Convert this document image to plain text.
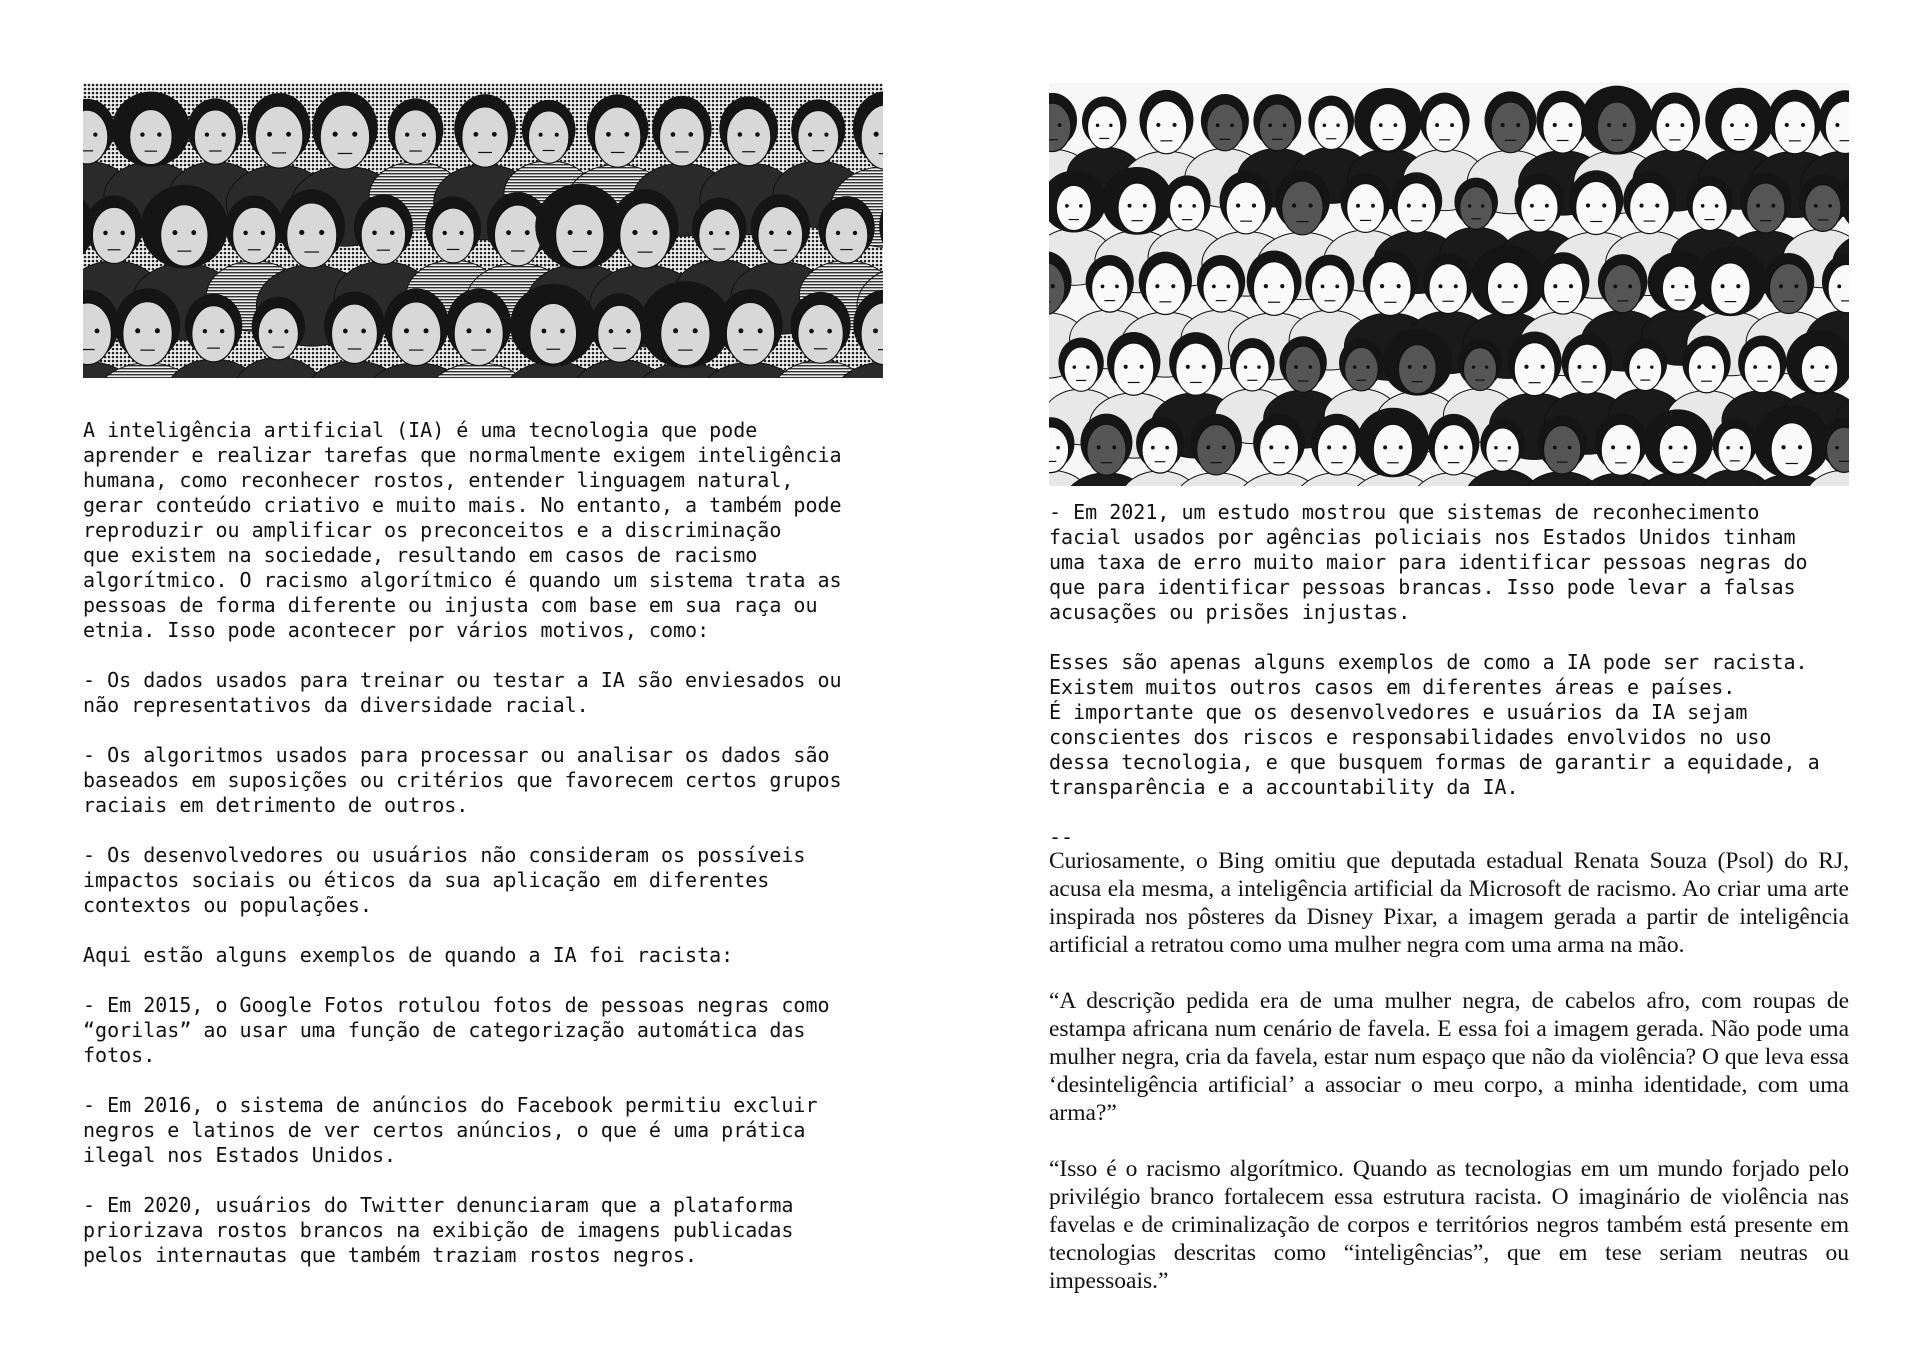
A inteligência artificial (IA) é uma tecnologia que pode
aprender e realizar tarefas que normalmente exigem inteligência
humana, como reconhecer rostos, entender linguagem natural,
gerar conteúdo criativo e muito mais. No entanto, a também pode
reproduzir ou amplificar os preconceitos e a discriminação
que existem na sociedade, resultando em casos de racismo
algorítmico. O racismo algorítmico é quando um sistema trata as
pessoas de forma diferente ou injusta com base em sua raça ou
etnia. Isso pode acontecer por vários motivos, como:

- Os dados usados para treinar ou testar a IA são enviesados ou
não representativos da diversidade racial.

- Os algoritmos usados para processar ou analisar os dados são
baseados em suposições ou critérios que favorecem certos grupos
raciais em detrimento de outros.

- Os desenvolvedores ou usuários não consideram os possíveis
impactos sociais ou éticos da sua aplicação em diferentes
contextos ou populações.

Aqui estão alguns exemplos de quando a IA foi racista:

- Em 2015, o Google Fotos rotulou fotos de pessoas negras como
“gorilas” ao usar uma função de categorização automática das
fotos.

- Em 2016, o sistema de anúncios do Facebook permitiu excluir
negros e latinos de ver certos anúncios, o que é uma prática
ilegal nos Estados Unidos.

- Em 2020, usuários do Twitter denunciaram que a plataforma
priorizava rostos brancos na exibição de imagens publicadas
pelos internautas que também traziam rostos negros.

- Em 2021, um estudo mostrou que sistemas de reconhecimento
facial usados por agências policiais nos Estados Unidos tinham
uma taxa de erro muito maior para identificar pessoas negras do
que para identificar pessoas brancas. Isso pode levar a falsas
acusações ou prisões injustas.

Esses são apenas alguns exemplos de como a IA pode ser racista.
Existem muitos outros casos em diferentes áreas e países.
É importante que os desenvolvedores e usuários da IA sejam
conscientes dos riscos e responsabilidades envolvidos no uso
dessa tecnologia, e que busquem formas de garantir a equidade, a
transparência e a accountability da IA.

--

Curiosamente, o Bing omitiu que deputada estadual Renata Souza (Psol) do RJ, acusa ela mesma, a inteligência artificial da Microsoft de racismo. Ao criar uma arte inspirada nos pôsteres da Disney Pixar, a imagem gerada a partir de inteligência artificial a retratou como uma mulher negra com uma arma na mão.

“A descrição pedida era de uma mulher negra, de cabelos afro, com roupas de estampa africana num cenário de favela. E essa foi a imagem gerada. Não pode uma mulher negra, cria da favela, estar num espaço que não da violência? O que leva essa ‘desinteligência artificial’ a associar o meu corpo, a minha identidade, com uma arma?”

“Isso é o racismo algorítmico. Quando as tecnologias em um mundo forjado pelo privilégio branco fortalecem essa estrutura racista. O imaginário de violência nas favelas e de criminalização de corpos e territórios negros também está presente em tecnologias descritas como “inteligências”, que em tese seriam neutras ou impessoais.”
